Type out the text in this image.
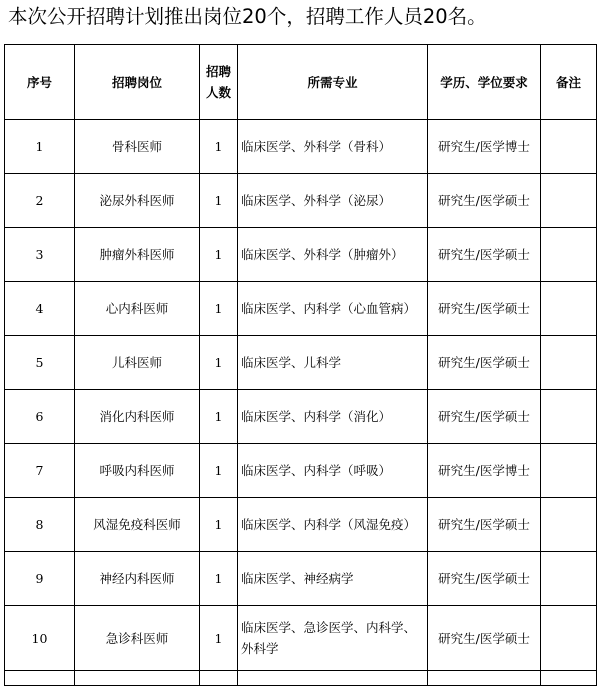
本次公开招聘计划推出岗位20个，招聘工作人员20名。
序号	招聘岗位	招聘人数	所需专业	学历、学位要求	备注
1	骨科医师	1	临床医学、外科学（骨科）	研究生/医学博士	
2	泌尿外科医师	1	临床医学、外科学（泌尿）	研究生/医学硕士	
3	肿瘤外科医师	1	临床医学、外科学（肿瘤外）	研究生/医学硕士	
4	心内科医师	1	临床医学、内科学（心血管病）	研究生/医学硕士	
5	儿科医师	1	临床医学、儿科学	研究生/医学硕士	
6	消化内科医师	1	临床医学、内科学（消化）	研究生/医学硕士	
7	呼吸内科医师	1	临床医学、内科学（呼吸）	研究生/医学博士	
8	风湿免疫科医师	1	临床医学、内科学（风湿免疫）	研究生/医学硕士	
9	神经内科医师	1	临床医学、神经病学	研究生/医学硕士	
10	急诊科医师	1	临床医学、急诊医学、内科学、外科学	研究生/医学硕士	
